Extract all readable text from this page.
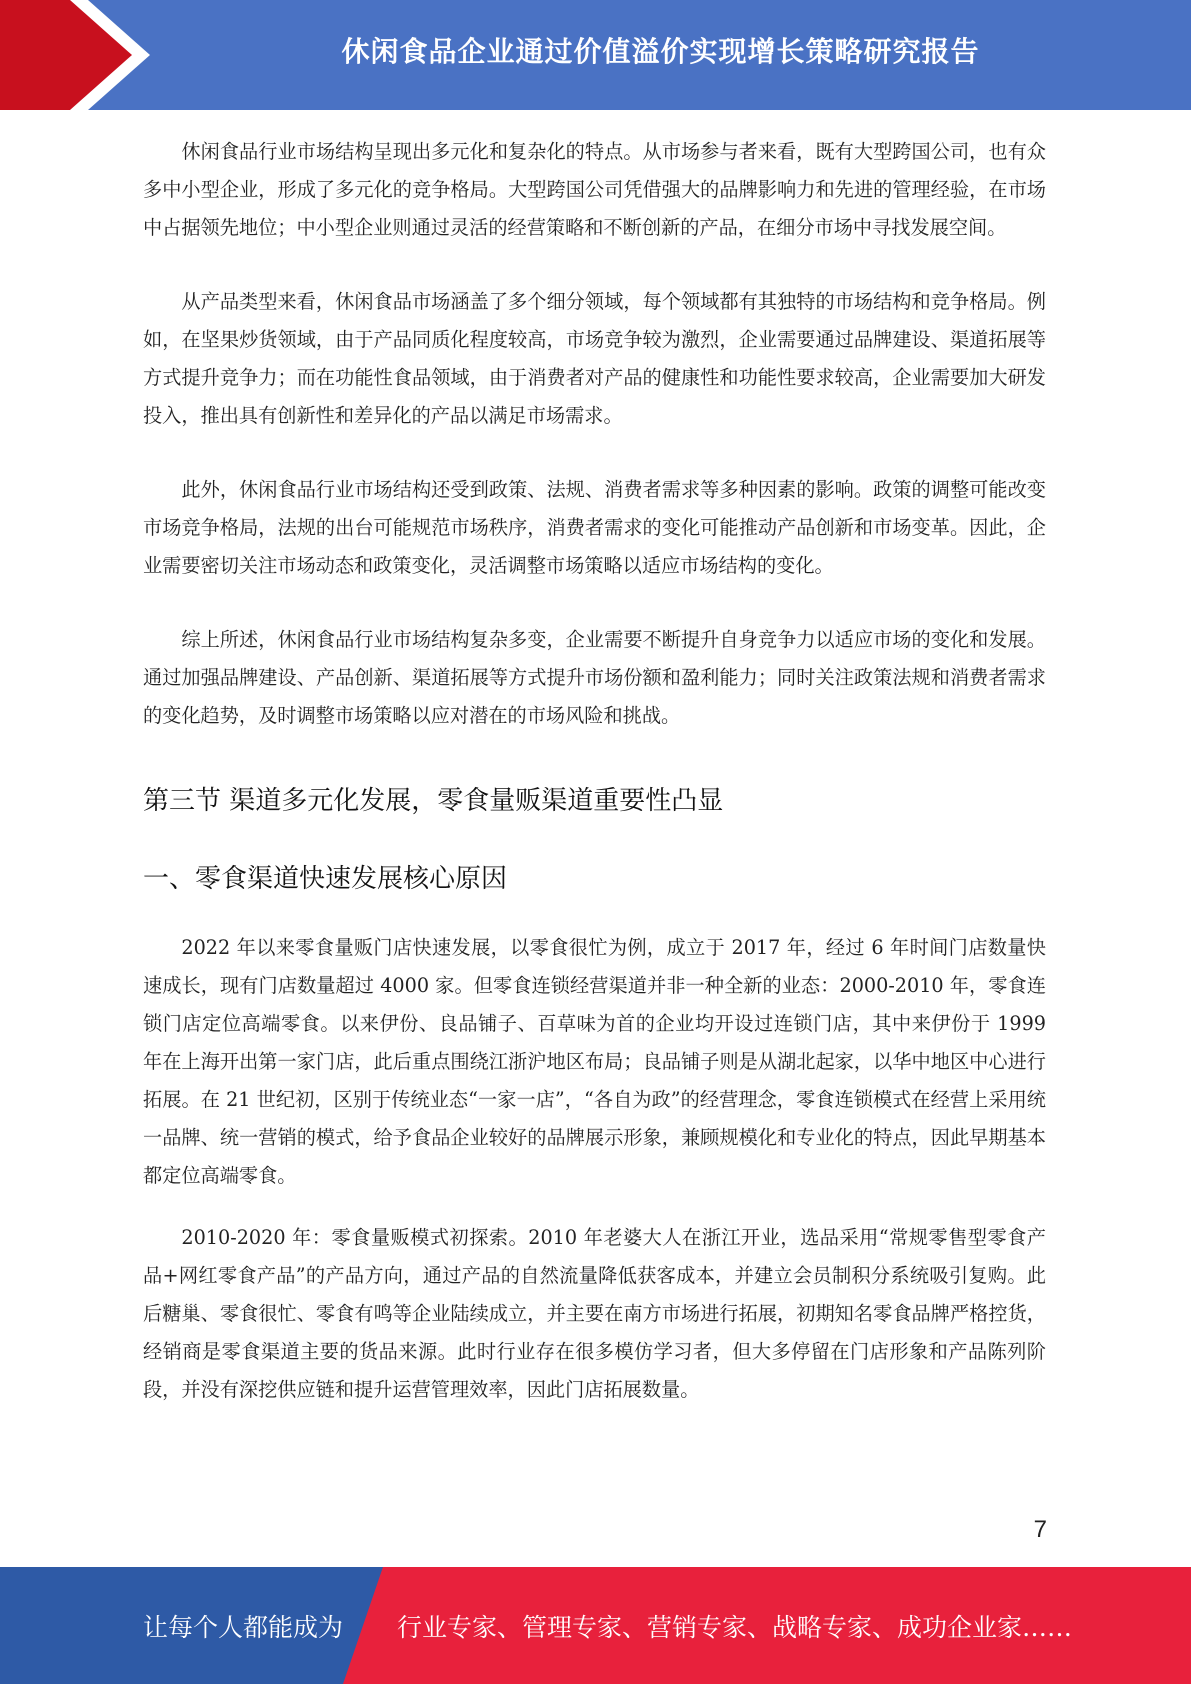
休闲食品企业通过价值溢价实现增长策略研究报告

休闲食品行业市场结构呈现出多元化和复杂化的特点。从市场参与者来看，既有大型跨国公司，也有众多中小型企业，形成了多元化的竞争格局。大型跨国公司凭借强大的品牌影响力和先进的管理经验，在市场中占据领先地位；中小型企业则通过灵活的经营策略和不断创新的产品，在细分市场中寻找发展空间。

从产品类型来看，休闲食品市场涵盖了多个细分领域，每个领域都有其独特的市场结构和竞争格局。例如，在坚果炒货领域，由于产品同质化程度较高，市场竞争较为激烈，企业需要通过品牌建设、渠道拓展等方式提升竞争力；而在功能性食品领域，由于消费者对产品的健康性和功能性要求较高，企业需要加大研发投入，推出具有创新性和差异化的产品以满足市场需求。

此外，休闲食品行业市场结构还受到政策、法规、消费者需求等多种因素的影响。政策的调整可能改变市场竞争格局，法规的出台可能规范市场秩序，消费者需求的变化可能推动产品创新和市场变革。因此，企业需要密切关注市场动态和政策变化，灵活调整市场策略以适应市场结构的变化。

综上所述，休闲食品行业市场结构复杂多变，企业需要不断提升自身竞争力以适应市场的变化和发展。通过加强品牌建设、产品创新、渠道拓展等方式提升市场份额和盈利能力；同时关注政策法规和消费者需求的变化趋势，及时调整市场策略以应对潜在的市场风险和挑战。

第三节 渠道多元化发展，零食量贩渠道重要性凸显
一、零食渠道快速发展核心原因

2022 年以来零食量贩门店快速发展，以零食很忙为例，成立于 2017 年，经过 6 年时间门店数量快速成长，现有门店数量超过 4000 家。但零食连锁经营渠道并非一种全新的业态：2000-2010 年，零食连锁门店定位高端零食。以来伊份、良品铺子、百草味为首的企业均开设过连锁门店，其中来伊份于 1999 年在上海开出第一家门店，此后重点围绕江浙沪地区布局；良品铺子则是从湖北起家，以华中地区中心进行拓展。在 21 世纪初，区别于传统业态“一家一店”，“各自为政”的经营理念，零食连锁模式在经营上采用统一品牌、统一营销的模式，给予食品企业较好的品牌展示形象，兼顾规模化和专业化的特点，因此早期基本都定位高端零食。

2010-2020 年：零食量贩模式初探索。2010 年老婆大人在浙江开业，选品采用“常规零售型零食产品+网红零食产品”的产品方向，通过产品的自然流量降低获客成本，并建立会员制积分系统吸引复购。此后糖巢、零食很忙、零食有鸣等企业陆续成立，并主要在南方市场进行拓展，初期知名零食品牌严格控货，经销商是零食渠道主要的货品来源。此时行业存在很多模仿学习者，但大多停留在门店形象和产品陈列阶段，并没有深挖供应链和提升运营管理效率，因此门店拓展数量。

7
让每个人都能成为 行业专家、管理专家、营销专家、战略专家、成功企业家……
